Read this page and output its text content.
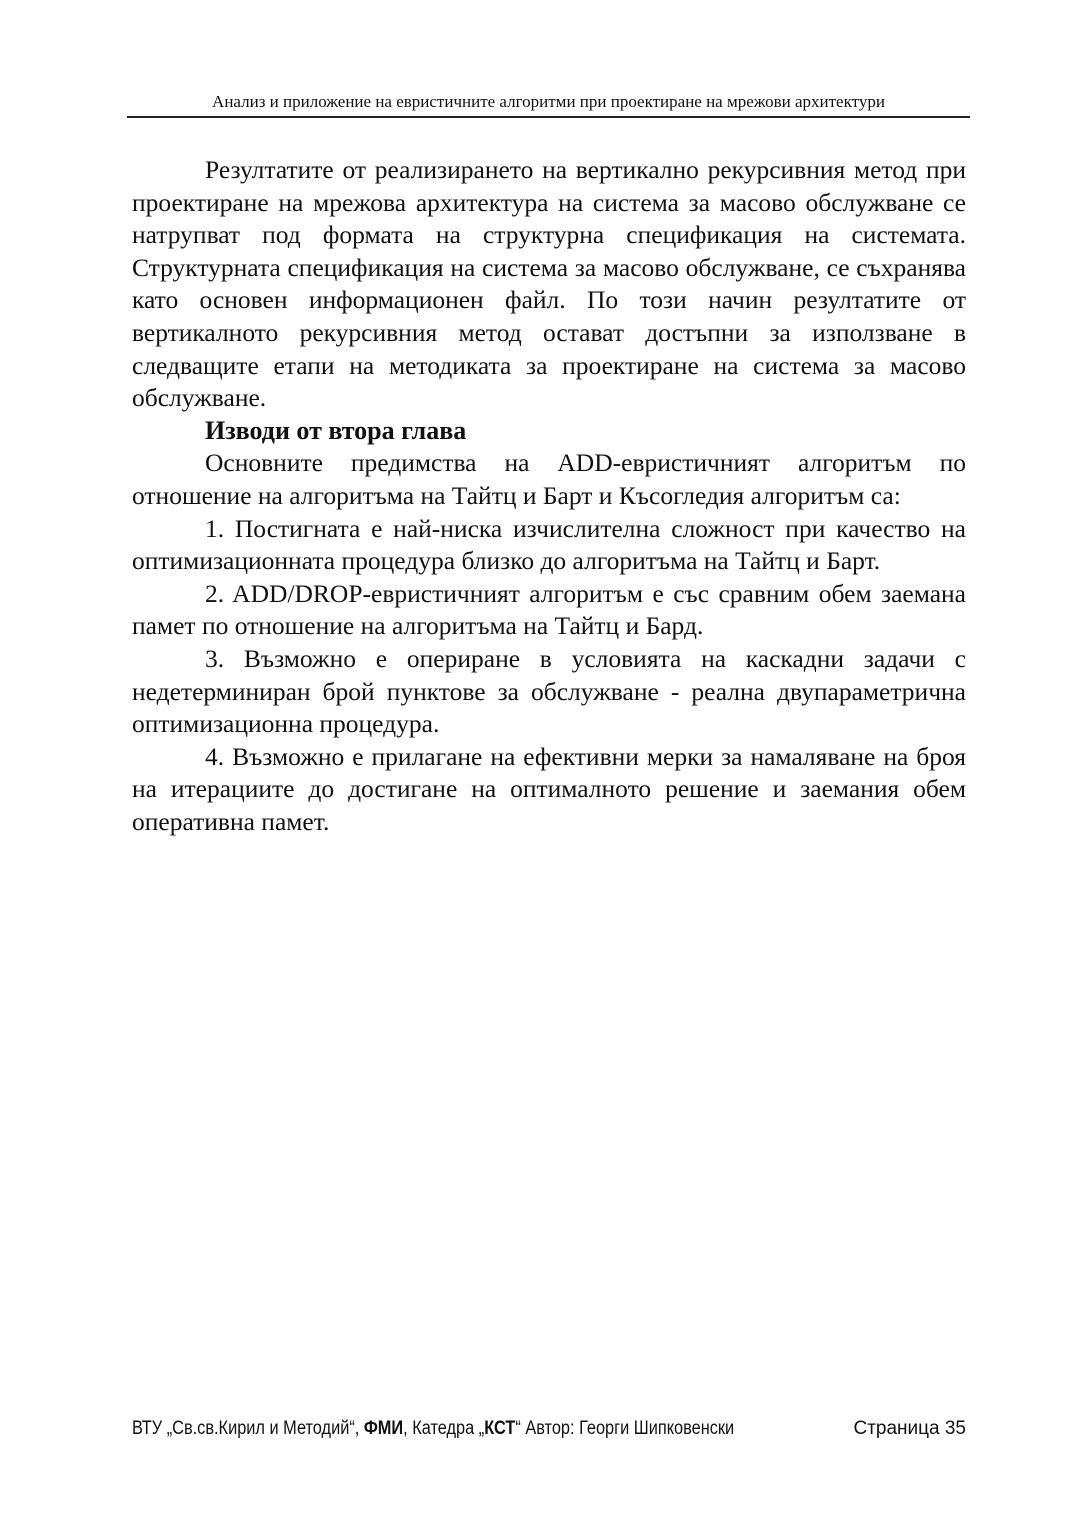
Анализ и приложение на евристичните алгоритми при проектиране на мрежови архитектури

Резултатите от реализирането на вертикално рекурсивния метод при проектиране на мрежова архитектура на система за масово обслужване се натрупват под формата на структурна спецификация на системата. Структурната спецификация на система за масово обслужване, се съхранява като основен информационен файл. По този начин резултатите от вертикалното рекурсивния метод остават достъпни за използване в следващите етапи на методиката за проектиране на система за масово обслужване.

Изводи от втора глава

Основните предимства на ADD-евристичният алгоритъм по отношение на алгоритъма на Тайтц и Барт и Късогледия алгоритъм са:

1. Постигната е най-ниска изчислителна сложност при качество на оптимизационната процедура близко до алгоритъма на Тайтц и Барт.

2. ADD/DROP-евристичният алгоритъм е със сравним обем заемана памет по отношение на алгоритъма на Тайтц и Бард.

3. Възможно е опериране в условията на каскадни задачи с недетерминиран брой пунктове за обслужване - реална двупараметрична оптимизационна процедура.

4. Възможно е прилагане на ефективни мерки за намаляване на броя на итерациите до достигане на оптималното решение и заемания обем оперативна памет.

ВТУ „Св.св.Кирил и Методий“, ФМИ, Катедра „КСТ“ Автор: Георги Шипковенски	Страница 35
